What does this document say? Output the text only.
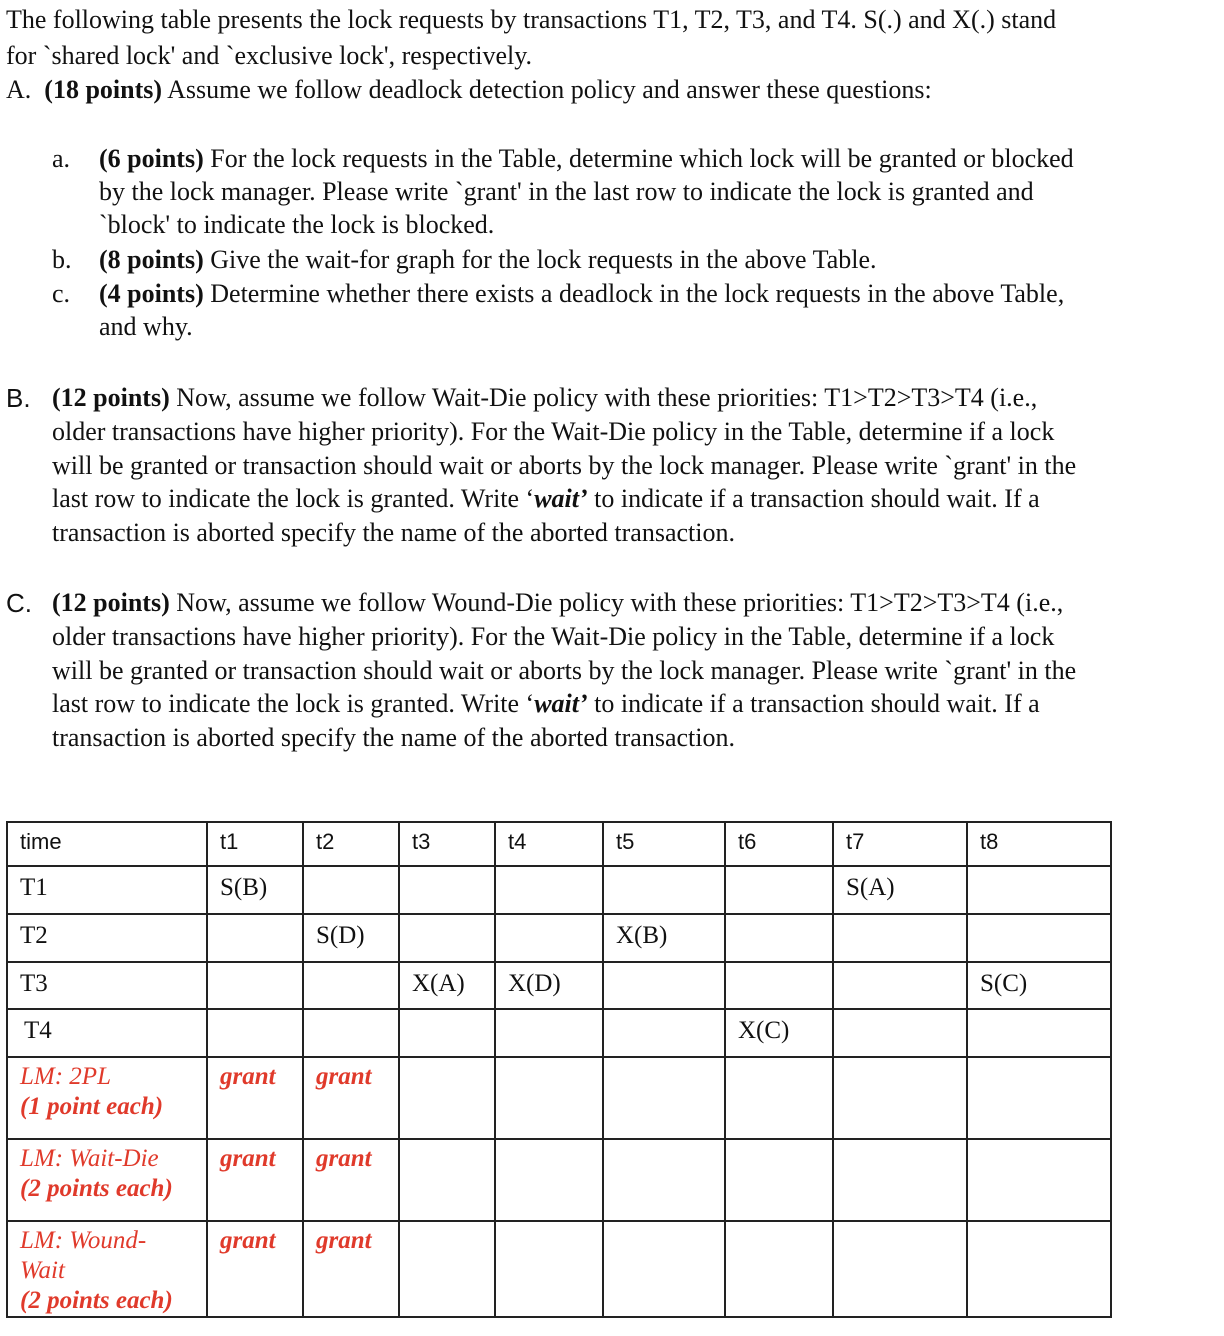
The following table presents the lock requests by transactions T1, T2, T3, and T4. S(.) and X(.) stand
for `shared lock' and `exclusive lock', respectively.
A. (18 points) Assume we follow deadlock detection policy and answer these questions:
a. (6 points) For the lock requests in the Table, determine which lock will be granted or blocked
by the lock manager. Please write `grant' in the last row to indicate the lock is granted and
`block' to indicate the lock is blocked.
b. (8 points) Give the wait-for graph for the lock requests in the above Table.
c. (4 points) Determine whether there exists a deadlock in the lock requests in the above Table,
and why.
B. (12 points) Now, assume we follow Wait-Die policy with these priorities: T1>T2>T3>T4 (i.e.,
older transactions have higher priority). For the Wait-Die policy in the Table, determine if a lock
will be granted or transaction should wait or aborts by the lock manager. Please write `grant' in the
last row to indicate the lock is granted. Write ‘wait’ to indicate if a transaction should wait. If a
transaction is aborted specify the name of the aborted transaction.
C. (12 points) Now, assume we follow Wound-Die policy with these priorities: T1>T2>T3>T4 (i.e.,
older transactions have higher priority). For the Wait-Die policy in the Table, determine if a lock
will be granted or transaction should wait or aborts by the lock manager. Please write `grant' in the
last row to indicate the lock is granted. Write ‘wait’ to indicate if a transaction should wait. If a
transaction is aborted specify the name of the aborted transaction.
time	t1	t2	t3	t4	t5	t6	t7	t8
T1	S(B)						S(A)	
T2		S(D)			X(B)			
T3			X(A)	X(D)				S(C)
T4						X(C)		

LM: 2PL
(1 point each)	grant	grant						

LM: Wait-Die
(2 points each)	grant	grant						

LM: Wound-
Wait
(2 points each)	grant	grant						
